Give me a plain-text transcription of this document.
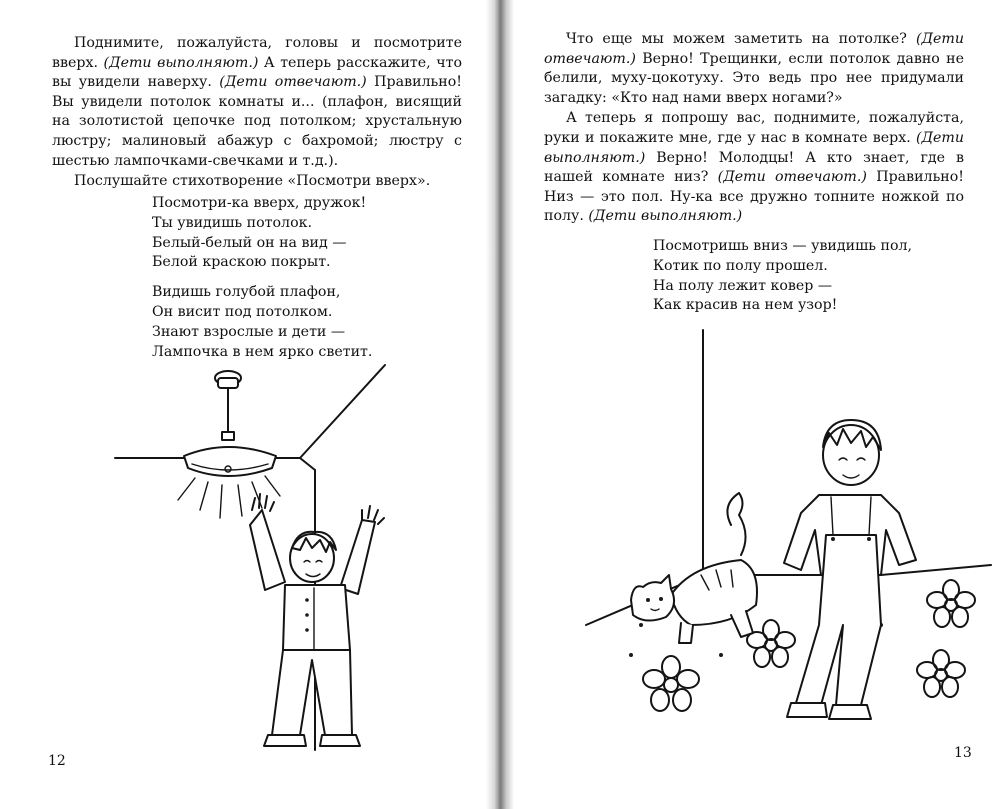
Поднимите, пожалуйста, головы и посмотрите вверх. (Дети выполняют.) А теперь расскажите, что вы увидели наверху. (Дети отвечают.) Правильно! Вы увидели потолок комнаты и... (плафон, висящий на золотистой цепочке под потолком; хрустальную люстру; малиновый абажур с бахромой; люстру с шестью лампочками-свечками и т.д.).

Послушайте стихотворение «Посмотри вверх».

Посмотри-ка вверх, дружок!
Ты увидишь потолок.
Белый-белый он на вид —
Белой краскою покрыт.
Видишь голубой плафон,
Он висит под потолком.
Знают взрослые и дети —
Лампочка в нем ярко светит.
12

Что еще мы можем заметить на потолке? (Дети отвечают.) Верно! Трещинки, если потолок давно не белили, муху-цокотуху. Это ведь про нее придумали загадку: «Кто над нами вверх ногами?»

А теперь я попрошу вас, поднимите, пожалуйста, руки и покажите мне, где у нас в комнате верх. (Дети выполняют.) Верно! Молодцы! А кто знает, где в нашей комнате низ? (Дети отвечают.) Правильно! Низ — это пол. Ну-ка все дружно топните ножкой по полу. (Дети выполняют.)

Посмотришь вниз — увидишь пол,
Котик по полу прошел.
На полу лежит ковер —
Как красив на нем узор!
13
